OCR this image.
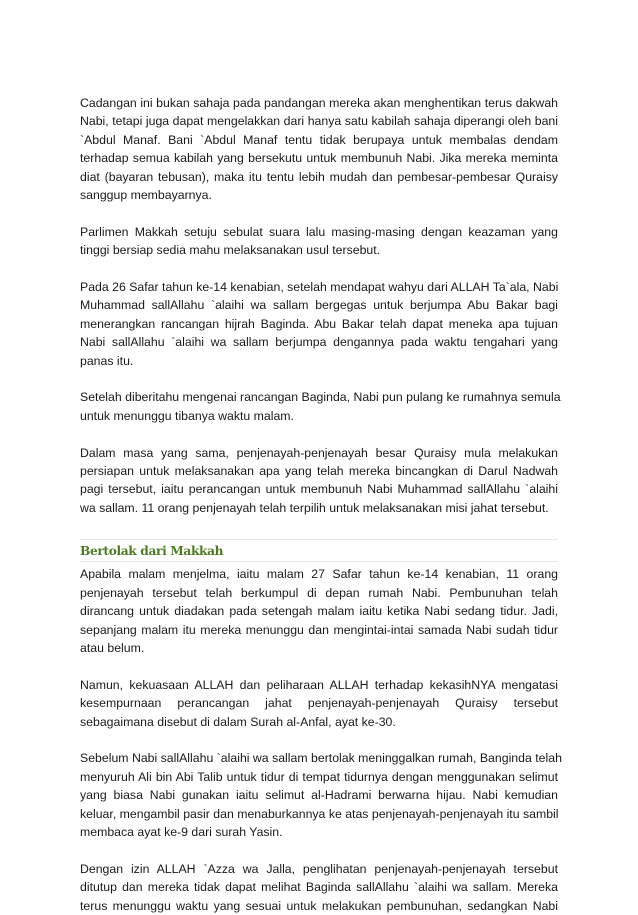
Cadangan ini bukan sahaja pada pandangan mereka akan menghentikan terus dakwah
Nabi, tetapi juga dapat mengelakkan dari hanya satu kabilah sahaja diperangi oleh bani
`Abdul Manaf. Bani `Abdul Manaf tentu tidak berupaya untuk membalas dendam
terhadap semua kabilah yang bersekutu untuk membunuh Nabi. Jika mereka meminta
diat (bayaran tebusan), maka itu tentu lebih mudah dan pembesar-pembesar Quraisy
sanggup membayarnya.

Parlimen Makkah setuju sebulat suara lalu masing-masing dengan keazaman yang
tinggi bersiap sedia mahu melaksanakan usul tersebut.

Pada 26 Safar tahun ke-14 kenabian, setelah mendapat wahyu dari ALLAH Ta`ala, Nabi
Muhammad sallAllahu `alaihi wa sallam bergegas untuk berjumpa Abu Bakar bagi
menerangkan rancangan hijrah Baginda. Abu Bakar telah dapat meneka apa tujuan
Nabi sallAllahu `alaihi wa sallam berjumpa dengannya pada waktu tengahari yang
panas itu.

Setelah diberitahu mengenai rancangan Baginda, Nabi pun pulang ke rumahnya semula
untuk menunggu tibanya waktu malam.

Dalam masa yang sama, penjenayah-penjenayah besar Quraisy mula melakukan
persiapan untuk melaksanakan apa yang telah mereka bincangkan di Darul Nadwah
pagi tersebut, iaitu perancangan untuk membunuh Nabi Muhammad sallAllahu `alaihi
wa sallam. 11 orang penjenayah telah terpilih untuk melaksanakan misi jahat tersebut.

Bertolak dari Makkah

Apabila malam menjelma, iaitu malam 27 Safar tahun ke-14 kenabian, 11 orang
penjenayah tersebut telah berkumpul di depan rumah Nabi. Pembunuhan telah
dirancang untuk diadakan pada setengah malam iaitu ketika Nabi sedang tidur. Jadi,
sepanjang malam itu mereka menunggu dan mengintai-intai samada Nabi sudah tidur
atau belum.

Namun, kekuasaan ALLAH dan peliharaan ALLAH terhadap kekasihNYA mengatasi
kesempurnaan perancangan jahat penjenayah-penjenayah Quraisy tersebut
sebagaimana disebut di dalam Surah al-Anfal, ayat ke-30.

Sebelum Nabi sallAllahu `alaihi wa sallam bertolak meninggalkan rumah, Banginda telah
menyuruh Ali bin Abi Talib untuk tidur di tempat tidurnya dengan menggunakan selimut
yang biasa Nabi gunakan iaitu selimut al-Hadrami berwarna hijau. Nabi kemudian
keluar, mengambil pasir dan menaburkannya ke atas penjenayah-penjenayah itu sambil
membaca ayat ke-9 dari surah Yasin.

Dengan izin ALLAH `Azza wa Jalla, penglihatan penjenayah-penjenayah tersebut
ditutup dan mereka tidak dapat melihat Baginda sallAllahu `alaihi wa sallam. Mereka
terus menunggu waktu yang sesuai untuk melakukan pembunuhan, sedangkan Nabi
